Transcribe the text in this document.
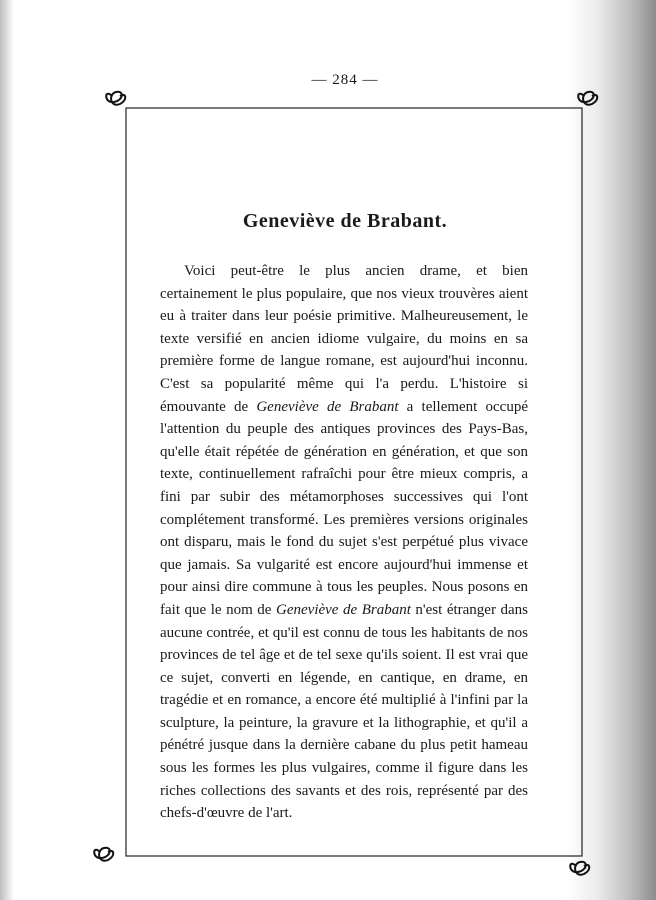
— 284 —
Geneviève de Brabant.

Voici peut-être le plus ancien drame, et bien certainement le plus populaire, que nos vieux trouvères aient eu à traiter dans leur poésie primitive. Malheureusement, le texte versifié en ancien idiome vulgaire, du moins en sa première forme de langue romane, est aujourd'hui inconnu. C'est sa popularité même qui l'a perdu. L'histoire si émouvante de Geneviève de Brabant a tellement occupé l'attention du peuple des antiques provinces des Pays-Bas, qu'elle était répétée de génération en génération, et que son texte, continuellement rafraîchi pour être mieux compris, a fini par subir des métamorphoses successives qui l'ont complétement transformé. Les premières versions originales ont disparu, mais le fond du sujet s'est perpétué plus vivace que jamais. Sa vulgarité est encore aujourd'hui immense et pour ainsi dire commune à tous les peuples. Nous posons en fait que le nom de Geneviève de Brabant n'est étranger dans aucune contrée, et qu'il est connu de tous les habitants de nos provinces de tel âge et de tel sexe qu'ils soient. Il est vrai que ce sujet, converti en légende, en cantique, en drame, en tragédie et en romance, a encore été multiplié à l'infini par la sculpture, la peinture, la gravure et la lithographie, et qu'il a pénétré jusque dans la dernière cabane du plus petit hameau sous les formes les plus vulgaires, comme il figure dans les riches collections des savants et des rois, représenté par des chefs-d'œuvre de l'art.
